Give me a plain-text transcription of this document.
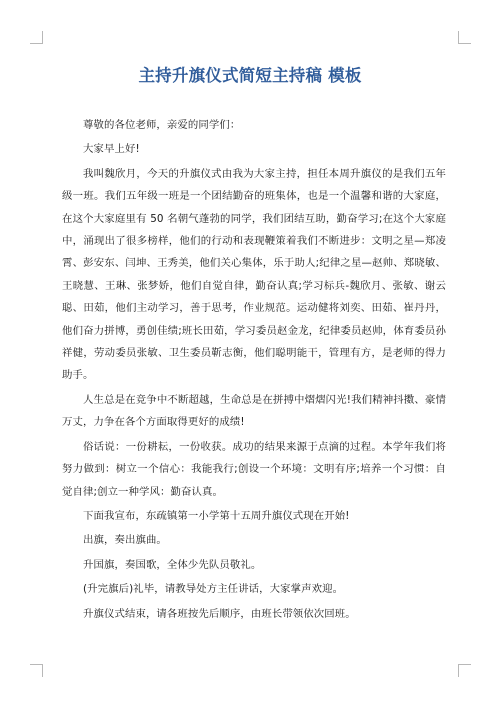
主持升旗仪式简短主持稿 模板

尊敬的各位老师，亲爱的同学们：

大家早上好!

我叫魏欣月，今天的升旗仪式由我为大家主持，担任本周升旗仪的是我们五年级一班。我们五年级一班是一个团结勤奋的班集体，也是一个温馨和谐的大家庭，在这个大家庭里有 50 名朝气蓬勃的同学，我们团结互助，勤奋学习;在这个大家庭中，涌现出了很多榜样，他们的行动和表现鞭策着我们不断进步：文明之星—郑凌霄、彭安东、闫坤、王秀美，他们关心集体，乐于助人;纪律之星—赵帅、郑晓敏、王晓慧、王琳、张梦娇，他们自觉自律，勤奋认真;学习标兵-魏欣月、张敏、谢云聪、田茹，他们主动学习，善于思考，作业规范。运动健将刘奕、田茹、崔丹丹，他们奋力拼博，勇创佳绩;班长田茹，学习委员赵金龙，纪律委员赵帅，体育委员孙祥健，劳动委员张敏、卫生委员靳志衡，他们聪明能干，管理有方，是老师的得力助手。

人生总是在竞争中不断超越，生命总是在拼搏中熠熠闪光!我们精神抖擞、豪情万丈，力争在各个方面取得更好的成绩!

俗话说：一份耕耘，一份收获。成功的结果来源于点滴的过程。本学年我们将努力做到：树立一个信心：我能我行;创设一个环境：文明有序;培养一个习惯：自觉自律;创立一种学风：勤奋认真。

下面我宣布，东疏镇第一小学第十五周升旗仪式现在开始!

出旗，奏出旗曲。

升国旗，奏国歌，全体少先队员敬礼。

(升完旗后)礼毕，请教导处方主任讲话，大家掌声欢迎。

升旗仪式结束，请各班按先后顺序，由班长带领依次回班。
